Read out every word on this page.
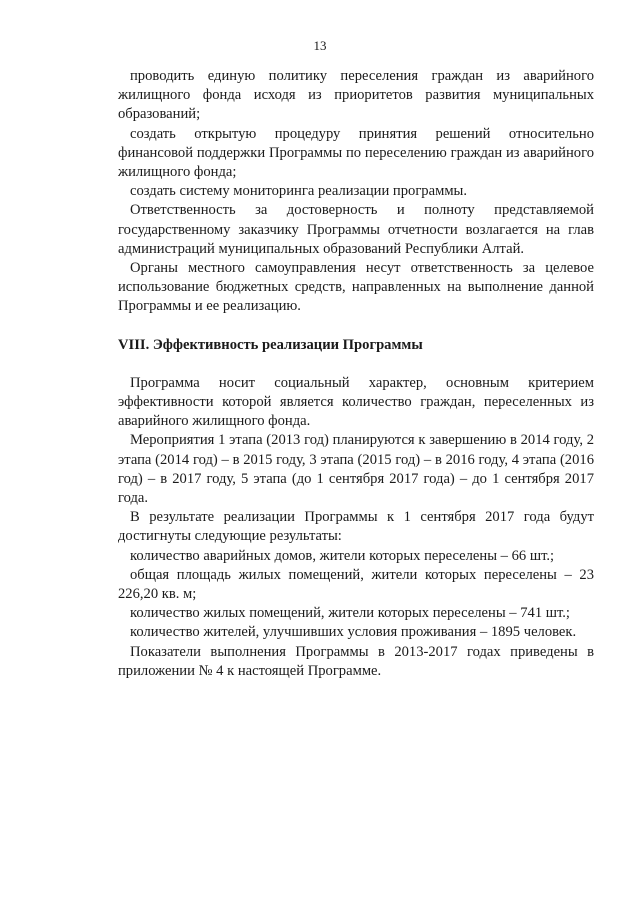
13

проводить единую политику переселения граждан из аварийного жилищного фонда исходя из приоритетов развития муниципальных образований;

создать открытую процедуру принятия решений относительно финансовой поддержки Программы по переселению граждан из аварийного жилищного фонда;

создать систему мониторинга реализации программы.

Ответственность за достоверность и полноту представляемой государственному заказчику Программы отчетности возлагается на глав администраций муниципальных образований Республики Алтай.

Органы местного самоуправления несут ответственность за целевое использование бюджетных средств, направленных на выполнение данной Программы и ее реализацию.

VIII. Эффективность реализации Программы

Программа носит социальный характер, основным критерием эффективности которой является количество граждан, переселенных из аварийного жилищного фонда.

Мероприятия 1 этапа (2013 год) планируются к завершению в 2014 году, 2 этапа (2014 год) – в 2015 году, 3 этапа (2015 год) – в 2016 году, 4 этапа (2016 год) – в 2017 году, 5 этапа (до 1 сентября 2017 года) – до 1 сентября 2017 года.

В результате реализации Программы к 1 сентября 2017 года будут достигнуты следующие результаты:

количество аварийных домов, жители которых переселены – 66 шт.;

общая площадь жилых помещений, жители которых переселены – 23 226,20 кв. м;

количество жилых помещений, жители которых переселены – 741 шт.;

количество жителей, улучшивших условия проживания – 1895 человек.

Показатели выполнения Программы в 2013-2017 годах приведены в приложении № 4 к настоящей Программе.
